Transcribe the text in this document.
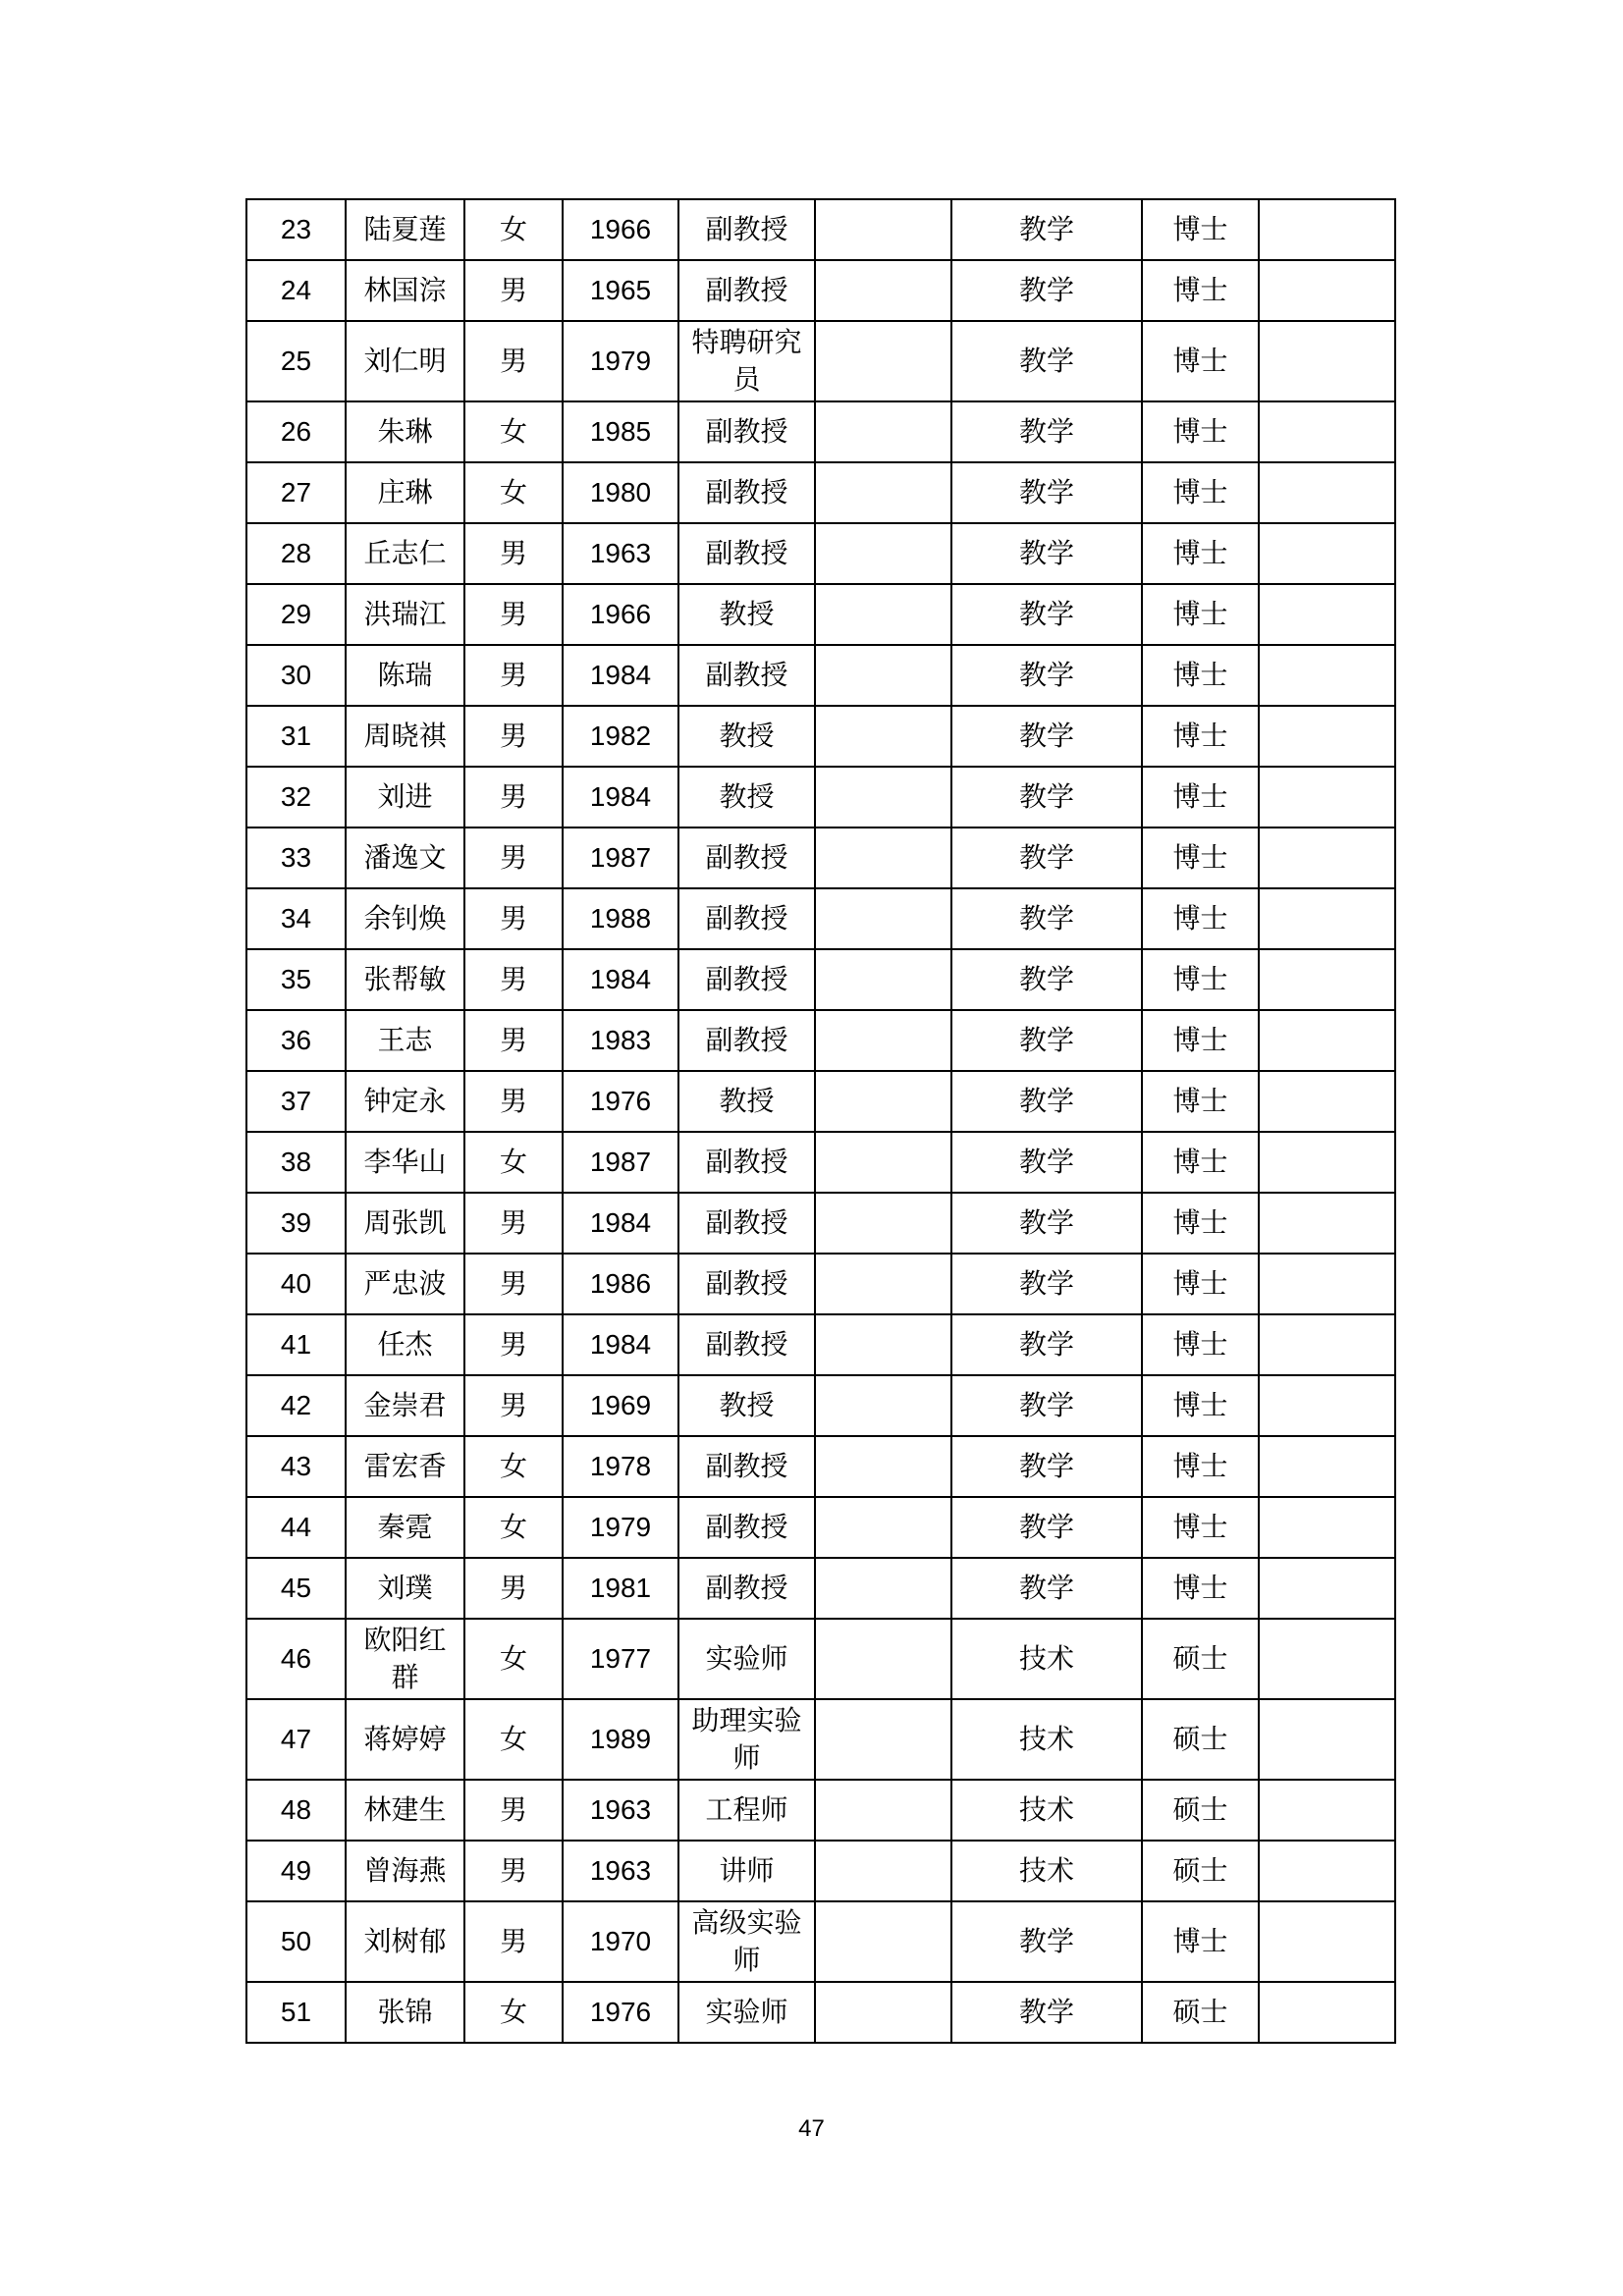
23	陆夏莲	女	1966	副教授		教学	博士	
24	林国淙	男	1965	副教授		教学	博士	
25	刘仁明	男	1979	特聘研究员		教学	博士	
26	朱琳	女	1985	副教授		教学	博士	
27	庄琳	女	1980	副教授		教学	博士	
28	丘志仁	男	1963	副教授		教学	博士	
29	洪瑞江	男	1966	教授		教学	博士	
30	陈瑞	男	1984	副教授		教学	博士	
31	周晓祺	男	1982	教授		教学	博士	
32	刘进	男	1984	教授		教学	博士	
33	潘逸文	男	1987	副教授		教学	博士	
34	余钊焕	男	1988	副教授		教学	博士	
35	张帮敏	男	1984	副教授		教学	博士	
36	王志	男	1983	副教授		教学	博士	
37	钟定永	男	1976	教授		教学	博士	
38	李华山	女	1987	副教授		教学	博士	
39	周张凯	男	1984	副教授		教学	博士	
40	严忠波	男	1986	副教授		教学	博士	
41	任杰	男	1984	副教授		教学	博士	
42	金崇君	男	1969	教授		教学	博士	
43	雷宏香	女	1978	副教授		教学	博士	
44	秦霓	女	1979	副教授		教学	博士	
45	刘璞	男	1981	副教授		教学	博士	
46	欧阳红群	女	1977	实验师		技术	硕士	
47	蒋婷婷	女	1989	助理实验师		技术	硕士	
48	林建生	男	1963	工程师		技术	硕士	
49	曾海燕	男	1963	讲师		技术	硕士	
50	刘树郁	男	1970	高级实验师		教学	博士	
51	张锦	女	1976	实验师		教学	硕士	
47
